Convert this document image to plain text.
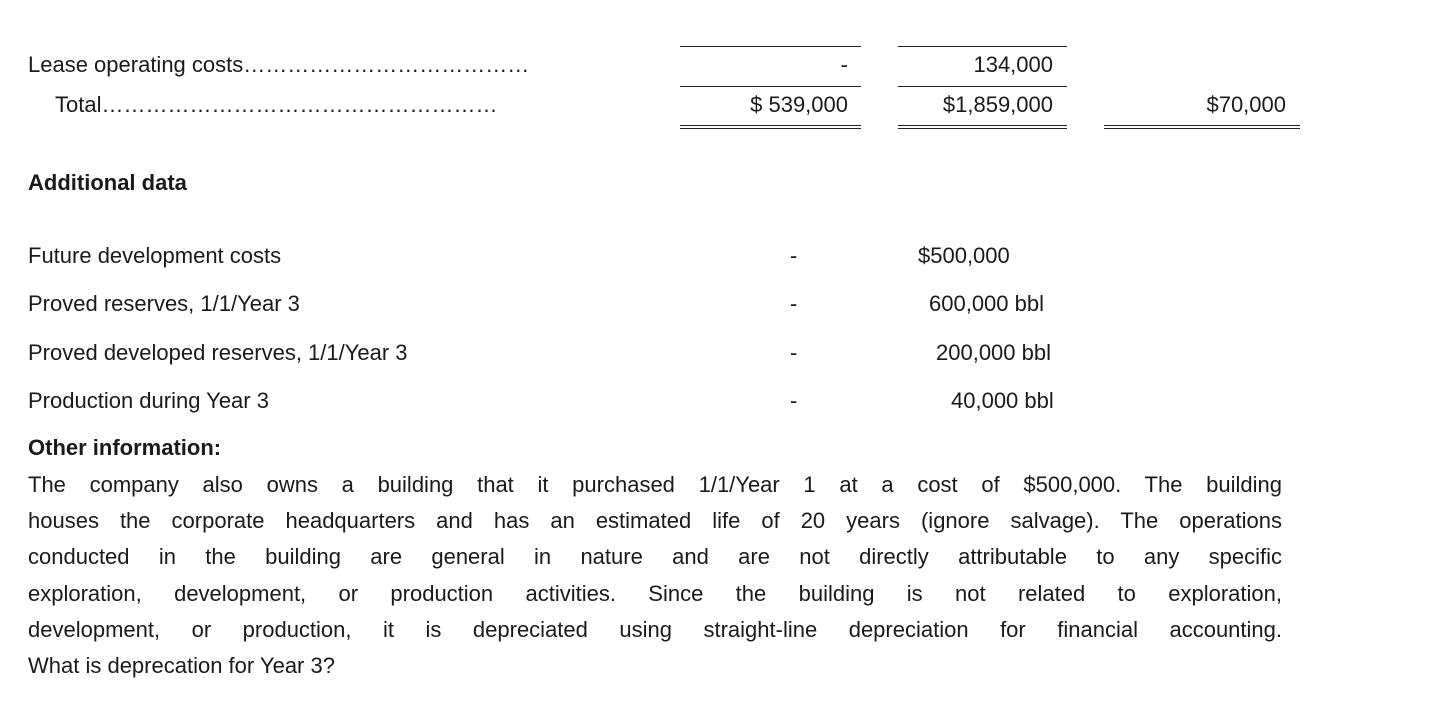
Lease operating costs…………………………………	-	134,000
Total………………………………………………	$ 539,000	$1,859,000	$70,000
Additional data
Future development costs	-	$500,000
Proved reserves, 1/1/Year 3	-	600,000 bbl
Proved developed reserves, 1/1/Year 3	-	200,000 bbl
Production during Year 3	-	40,000 bbl
Other information:
The company also owns a building that it purchased 1/1/Year 1 at a cost of $500,000. The building
houses the corporate headquarters and has an estimated life of 20 years (ignore salvage). The operations
conducted in the building are general in nature and are not directly attributable to any specific
exploration, development, or production activities. Since the building is not related to exploration,
development, or production, it is depreciated using straight-line depreciation for financial accounting.
What is deprecation for Year 3?
